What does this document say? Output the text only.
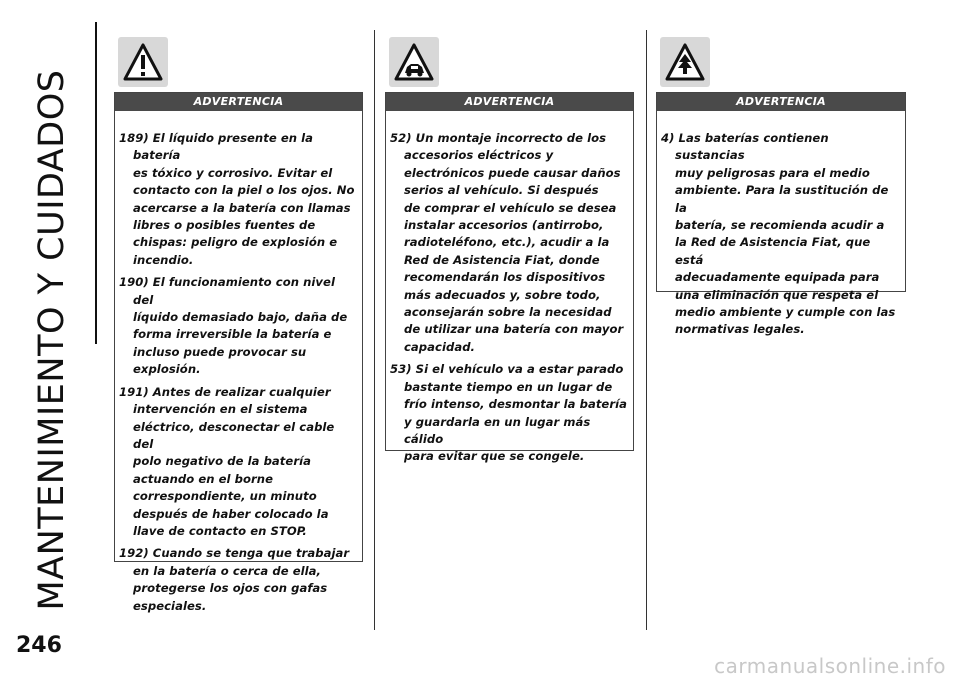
MANTENIMIENTO Y CUIDADOS	ADVERTENCIA

189) El líquido presente en la batería
es tóxico y corrosivo. Evitar el
contacto con la piel o los ojos. No
acercarse a la batería con llamas
libres o posibles fuentes de
chispas: peligro de explosión e
incendio.

190) El funcionamiento con nivel del
líquido demasiado bajo, daña de
forma irreversible la batería e
incluso puede provocar su
explosión.

191) Antes de realizar cualquier
intervención en el sistema
eléctrico, desconectar el cable del
polo negativo de la batería
actuando en el borne
correspondiente, un minuto
después de haber colocado la
llave de contacto en STOP.

192) Cuando se tenga que trabajar
en la batería o cerca de ella,
protegerse los ojos con gafas
especiales.

ADVERTENCIA

52) Un montaje incorrecto de los
accesorios eléctricos y
electrónicos puede causar daños
serios al vehículo. Si después
de comprar el vehículo se desea
instalar accesorios (antirrobo,
radioteléfono, etc.), acudir a la
Red de Asistencia Fiat, donde
recomendarán los dispositivos
más adecuados y, sobre todo,
aconsejarán sobre la necesidad
de utilizar una batería con mayor
capacidad.

53) Si el vehículo va a estar parado
bastante tiempo en un lugar de
frío intenso, desmontar la batería
y guardarla en un lugar más cálido
para evitar que se congele.

ADVERTENCIA

4) Las baterías contienen sustancias
muy peligrosas para el medio
ambiente. Para la sustitución de la
batería, se recomienda acudir a
la Red de Asistencia Fiat, que está
adecuadamente equipada para
una eliminación que respeta el
medio ambiente y cumple con las
normativas legales.

246
carmanualsonline.info
